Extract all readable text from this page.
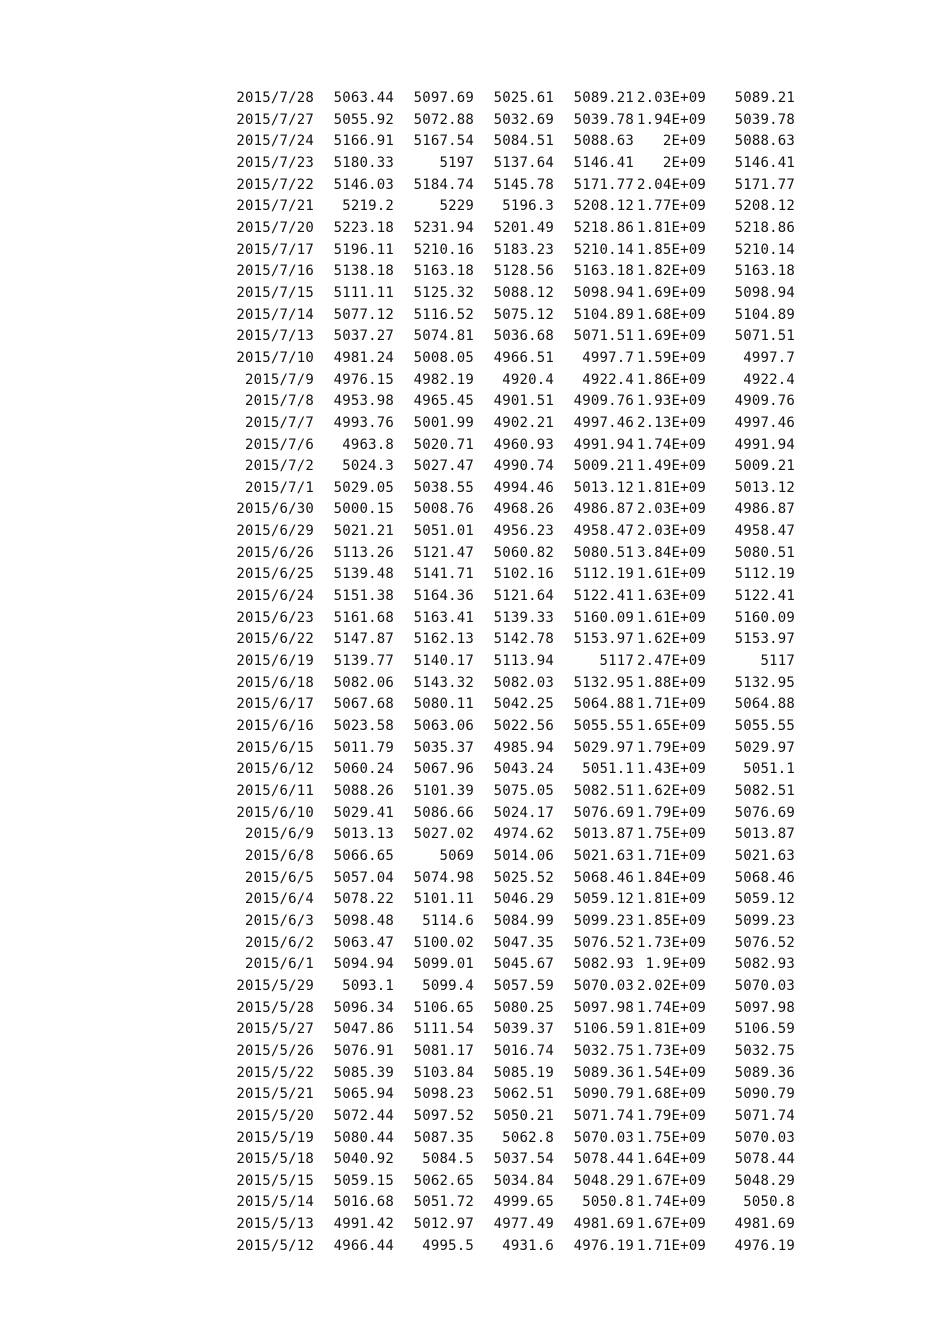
2015/7/28	5063.44	5097.69	5025.61	5089.21	2.03E+09	5089.21
2015/7/27	5055.92	5072.88	5032.69	5039.78	1.94E+09	5039.78
2015/7/24	5166.91	5167.54	5084.51	5088.63	2E+09	5088.63
2015/7/23	5180.33	5197	5137.64	5146.41	2E+09	5146.41
2015/7/22	5146.03	5184.74	5145.78	5171.77	2.04E+09	5171.77
2015/7/21	5219.2	5229	5196.3	5208.12	1.77E+09	5208.12
2015/7/20	5223.18	5231.94	5201.49	5218.86	1.81E+09	5218.86
2015/7/17	5196.11	5210.16	5183.23	5210.14	1.85E+09	5210.14
2015/7/16	5138.18	5163.18	5128.56	5163.18	1.82E+09	5163.18
2015/7/15	5111.11	5125.32	5088.12	5098.94	1.69E+09	5098.94
2015/7/14	5077.12	5116.52	5075.12	5104.89	1.68E+09	5104.89
2015/7/13	5037.27	5074.81	5036.68	5071.51	1.69E+09	5071.51
2015/7/10	4981.24	5008.05	4966.51	4997.7	1.59E+09	4997.7
2015/7/9	4976.15	4982.19	4920.4	4922.4	1.86E+09	4922.4
2015/7/8	4953.98	4965.45	4901.51	4909.76	1.93E+09	4909.76
2015/7/7	4993.76	5001.99	4902.21	4997.46	2.13E+09	4997.46
2015/7/6	4963.8	5020.71	4960.93	4991.94	1.74E+09	4991.94
2015/7/2	5024.3	5027.47	4990.74	5009.21	1.49E+09	5009.21
2015/7/1	5029.05	5038.55	4994.46	5013.12	1.81E+09	5013.12
2015/6/30	5000.15	5008.76	4968.26	4986.87	2.03E+09	4986.87
2015/6/29	5021.21	5051.01	4956.23	4958.47	2.03E+09	4958.47
2015/6/26	5113.26	5121.47	5060.82	5080.51	3.84E+09	5080.51
2015/6/25	5139.48	5141.71	5102.16	5112.19	1.61E+09	5112.19
2015/6/24	5151.38	5164.36	5121.64	5122.41	1.63E+09	5122.41
2015/6/23	5161.68	5163.41	5139.33	5160.09	1.61E+09	5160.09
2015/6/22	5147.87	5162.13	5142.78	5153.97	1.62E+09	5153.97
2015/6/19	5139.77	5140.17	5113.94	5117	2.47E+09	5117
2015/6/18	5082.06	5143.32	5082.03	5132.95	1.88E+09	5132.95
2015/6/17	5067.68	5080.11	5042.25	5064.88	1.71E+09	5064.88
2015/6/16	5023.58	5063.06	5022.56	5055.55	1.65E+09	5055.55
2015/6/15	5011.79	5035.37	4985.94	5029.97	1.79E+09	5029.97
2015/6/12	5060.24	5067.96	5043.24	5051.1	1.43E+09	5051.1
2015/6/11	5088.26	5101.39	5075.05	5082.51	1.62E+09	5082.51
2015/6/10	5029.41	5086.66	5024.17	5076.69	1.79E+09	5076.69
2015/6/9	5013.13	5027.02	4974.62	5013.87	1.75E+09	5013.87
2015/6/8	5066.65	5069	5014.06	5021.63	1.71E+09	5021.63
2015/6/5	5057.04	5074.98	5025.52	5068.46	1.84E+09	5068.46
2015/6/4	5078.22	5101.11	5046.29	5059.12	1.81E+09	5059.12
2015/6/3	5098.48	5114.6	5084.99	5099.23	1.85E+09	5099.23
2015/6/2	5063.47	5100.02	5047.35	5076.52	1.73E+09	5076.52
2015/6/1	5094.94	5099.01	5045.67	5082.93	1.9E+09	5082.93
2015/5/29	5093.1	5099.4	5057.59	5070.03	2.02E+09	5070.03
2015/5/28	5096.34	5106.65	5080.25	5097.98	1.74E+09	5097.98
2015/5/27	5047.86	5111.54	5039.37	5106.59	1.81E+09	5106.59
2015/5/26	5076.91	5081.17	5016.74	5032.75	1.73E+09	5032.75
2015/5/22	5085.39	5103.84	5085.19	5089.36	1.54E+09	5089.36
2015/5/21	5065.94	5098.23	5062.51	5090.79	1.68E+09	5090.79
2015/5/20	5072.44	5097.52	5050.21	5071.74	1.79E+09	5071.74
2015/5/19	5080.44	5087.35	5062.8	5070.03	1.75E+09	5070.03
2015/5/18	5040.92	5084.5	5037.54	5078.44	1.64E+09	5078.44
2015/5/15	5059.15	5062.65	5034.84	5048.29	1.67E+09	5048.29
2015/5/14	5016.68	5051.72	4999.65	5050.8	1.74E+09	5050.8
2015/5/13	4991.42	5012.97	4977.49	4981.69	1.67E+09	4981.69
2015/5/12	4966.44	4995.5	4931.6	4976.19	1.71E+09	4976.19
